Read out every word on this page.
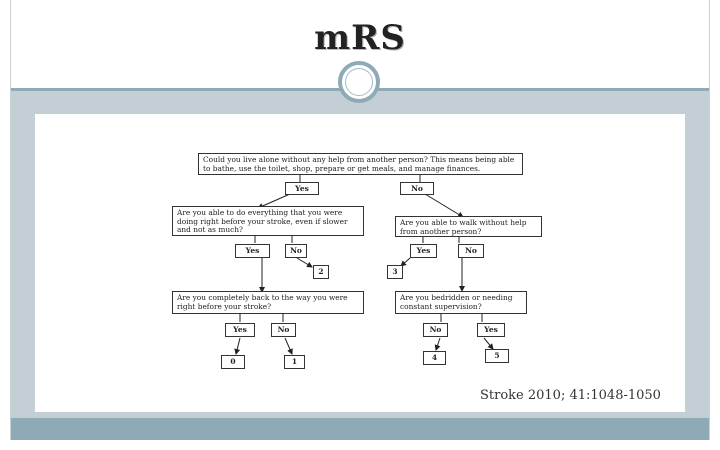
mRS
Could you live alone without any help from another person? This means being able to bathe, use the toilet, shop, prepare or get meals, and manage finances.
Yes	No
Are you able to do everything that you were doing right before your stroke, even if slower and not as much?
Yes	No
2
Are you able to walk without help from another person?
Yes	No
3
Are you completely back to the way you were right before your stroke?
Yes	No
0	1
Are you bedridden or needing constant supervision?
No	Yes
4	5
Stroke 2010; 41:1048-1050
